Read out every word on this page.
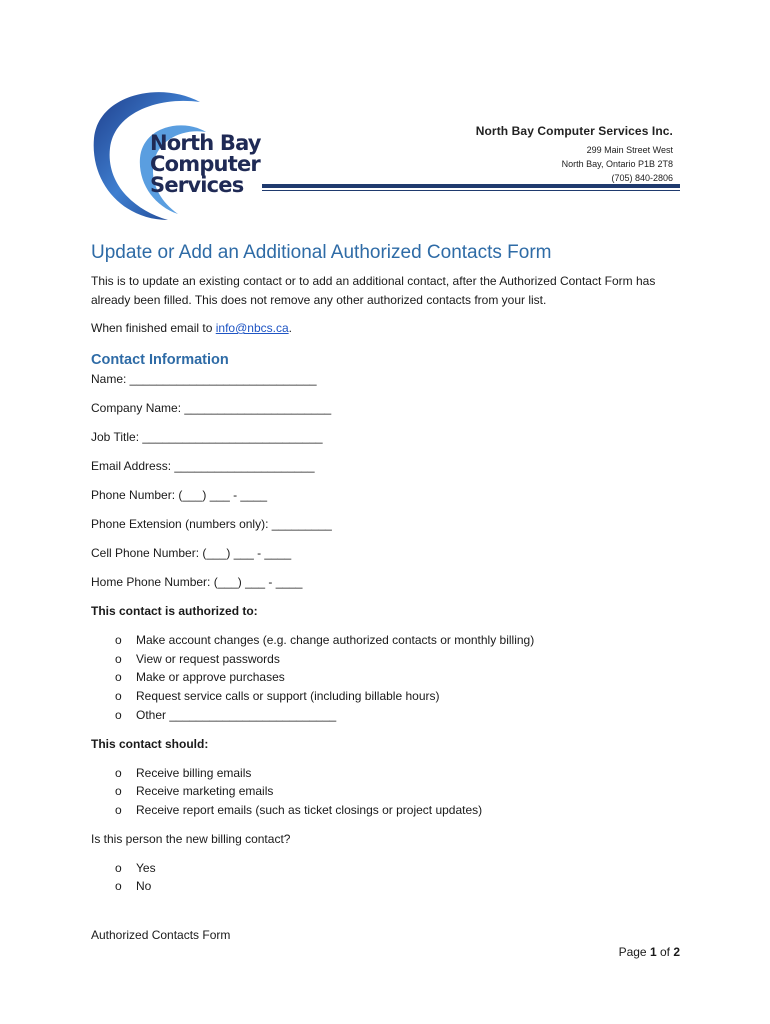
North Bay
Computer
Services
North Bay Computer Services Inc.
299 Main Street West
North Bay, Ontario P1B 2T8
(705) 840-2806
Update or Add an Additional Authorized Contacts Form

This is to update an existing contact or to add an additional contact, after the Authorized Contact Form has already been filled. This does not remove any other authorized contacts from your list.

When finished email to info@nbcs.ca.

Contact Information
Name: ____________________________
Company Name: ______________________
Job Title: ___________________________
Email Address: _____________________
Phone Number: (___) ___ - ____
Phone Extension (numbers only): _________
Cell Phone Number: (___) ___ - ____
Home Phone Number: (___) ___ - ____
This contact is authorized to:
o	Make account changes (e.g. change authorized contacts or monthly billing)
o	View or request passwords
o	Make or approve purchases
o	Request service calls or support (including billable hours)
o	Other _________________________
This contact should:
o	Receive billing emails
o	Receive marketing emails
o	Receive report emails (such as ticket closings or project updates)
Is this person the new billing contact?
o	Yes
o	No
Authorized Contacts Form
Page 1 of 2
